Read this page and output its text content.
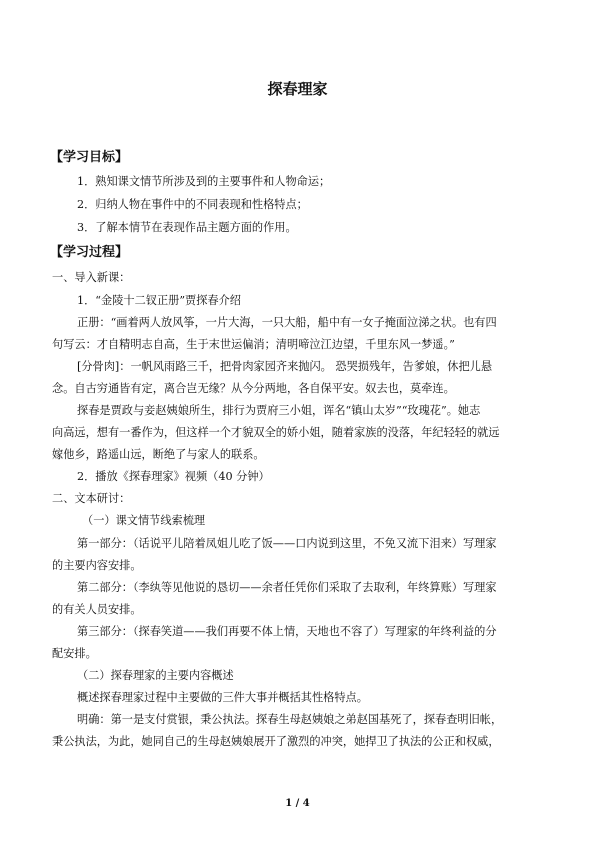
探春理家
【学习目标】
1．熟知课文情节所涉及到的主要事件和人物命运；
2．归纳人物在事件中的不同表现和性格特点；
3．了解本情节在表现作品主题方面的作用。
【学习过程】
一、导入新课：
1．“金陵十二钗正册”贾探春介绍
正册：“画着两人放风筝，一片大海，一只大船，船中有一女子掩面泣涕之状。也有四
句写云：才自精明志自高，生于末世运偏消；清明啼泣江边望，千里东风一梦遥。”
[分骨肉]：一帆风雨路三千，把骨肉家园齐来抛闪。 恐哭损残年，告爹娘，休把儿悬
念。自古穷通皆有定，离合岂无缘？从今分两地，各自保平安。奴去也，莫牵连。
探春是贾政与妾赵姨娘所生，排行为贾府三小姐，诨名“镇山太岁”“玫瑰花”。她志
向高远，想有一番作为，但这样一个才貌双全的娇小姐，随着家族的没落，年纪轻轻的就远
嫁他乡，路遥山远，断绝了与家人的联系。
2．播放《探春理家》视频（40 分钟）
二、文本研讨：
（一）课文情节线索梳理
第一部分：（话说平儿陪着凤姐儿吃了饭——口内说到这里，不免又流下泪来）写理家
的主要内容安排。
第二部分：（李纨等见他说的恳切——余者任凭你们采取了去取利，年终算账）写理家
的有关人员安排。
第三部分：（探春笑道——我们再要不体上情，天地也不容了）写理家的年终利益的分
配安排。
（二）探春理家的主要内容概述
概述探春理家过程中主要做的三件大事并概括其性格特点。
明确：第一是支付赏银，秉公执法。探春生母赵姨娘之弟赵国基死了，探春查明旧帐，
秉公执法，为此，她同自己的生母赵姨娘展开了激烈的冲突，她捍卫了执法的公正和权威，
1 / 4
